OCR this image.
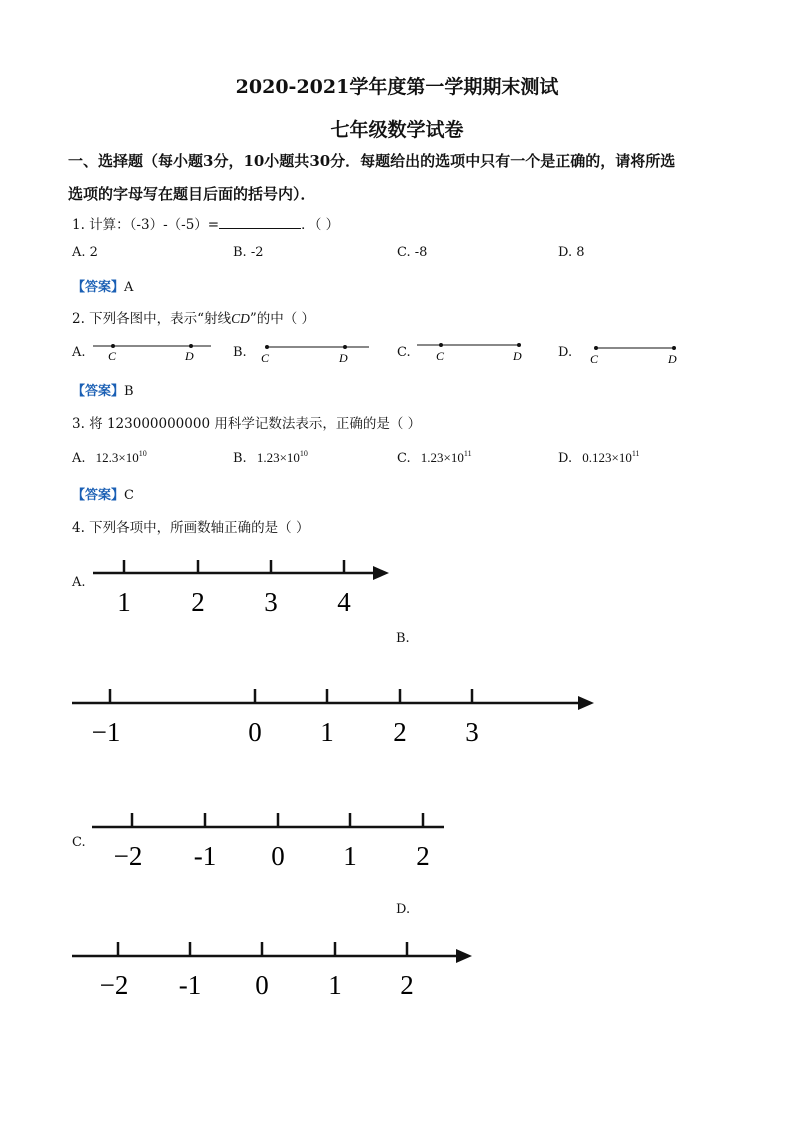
2020-2021学年度第一学期期末测试
七年级数学试卷
一、选择题（每小题3分，10小题共30分．每题给出的选项中只有一个是正确的，请将所选
选项的字母写在题目后面的括号内）．
1. 计算：（-3）-（-5）=	．（ ）
A. 2	B. -2	C. -8	D. 8
【答案】A
2. 下列各图中，表示“射线CD”的中（ ）
A.	B.	C.	D.
C	D	C	D	C	D	C	D
【答案】B
3. 将 123000000000 用科学记数法表示，正确的是（ ）
A. $12.3\times 10^{10}$	B. $1.23\times 10^{10}$	C. $1.23\times 10^{11}$	D. $0.123\times 10^{11}$
【答案】C
4. 下列各项中，所画数轴正确的是（ ）
A.
B.
C.
D.
1 2 3 4
−1	0 1 2 3
−2 -1 0 1 2
−2 -1 0 1 2
